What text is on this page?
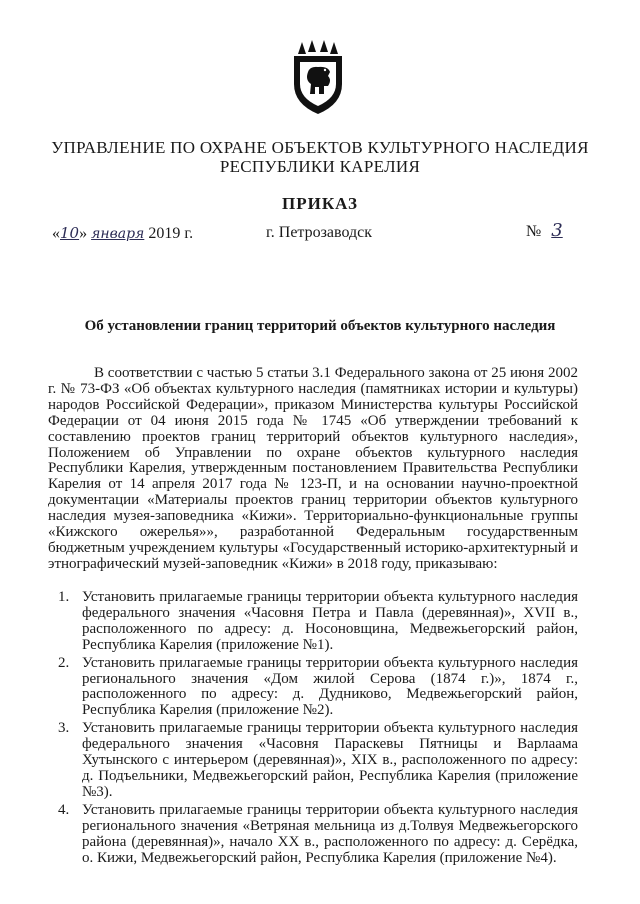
УПРАВЛЕНИЕ ПО ОХРАНЕ ОБЪЕКТОВ КУЛЬТУРНОГО НАСЛЕДИЯ
РЕСПУБЛИКИ КАРЕЛИЯ
ПРИКАЗ
«10» января 2019 г.	г. Петрозаводск	№ 3
Об установлении границ территорий объектов культурного наследия

В соответствии с частью 5 статьи 3.1 Федерального закона от 25 июня 2002 г. № 73-ФЗ «Об объектах культурного наследия (памятниках истории и культуры) народов Российской Федерации», приказом Министерства культуры Российской Федерации от 04 июня 2015 года № 1745 «Об утверждении требований к составлению проектов границ территорий объектов культурного наследия», Положением об Управлении по охране объектов культурного наследия Республики Карелия, утвержденным постановлением Правительства Республики Карелия от 14 апреля 2017 года № 123-П, и на основании научно-проектной документации «Материалы проектов границ территории объектов культурного наследия музея-заповедника «Кижи». Территориально-функциональные группы «Кижского ожерелья»», разработанной Федеральным государственным бюджетным учреждением культуры «Государственный историко-архитектурный и этнографический музей-заповедник «Кижи» в 2018 году, приказываю:

1. Установить прилагаемые границы территории объекта культурного наследия федерального значения «Часовня Петра и Павла (деревянная)», XVII в., расположенного по адресу: д. Носоновщина, Медвежьегорский район, Республика Карелия (приложение №1).
2. Установить прилагаемые границы территории объекта культурного наследия регионального значения «Дом жилой Серова (1874 г.)», 1874 г., расположенного по адресу: д. Дудниково, Медвежьегорский район, Республика Карелия (приложение №2).
3. Установить прилагаемые границы территории объекта культурного наследия федерального значения «Часовня Параскевы Пятницы и Варлаама Хутынского с интерьером (деревянная)», XIX в., расположенного по адресу: д. Подъельники, Медвежьегорский район, Республика Карелия (приложение №3).
4. Установить прилагаемые границы территории объекта культурного наследия регионального значения «Ветряная мельница из д.Толвуя Медвежьегорского района (деревянная)», начало XX в., расположенного по адресу: д. Серёдка, о. Кижи, Медвежьегорский район, Республика Карелия (приложение №4).
